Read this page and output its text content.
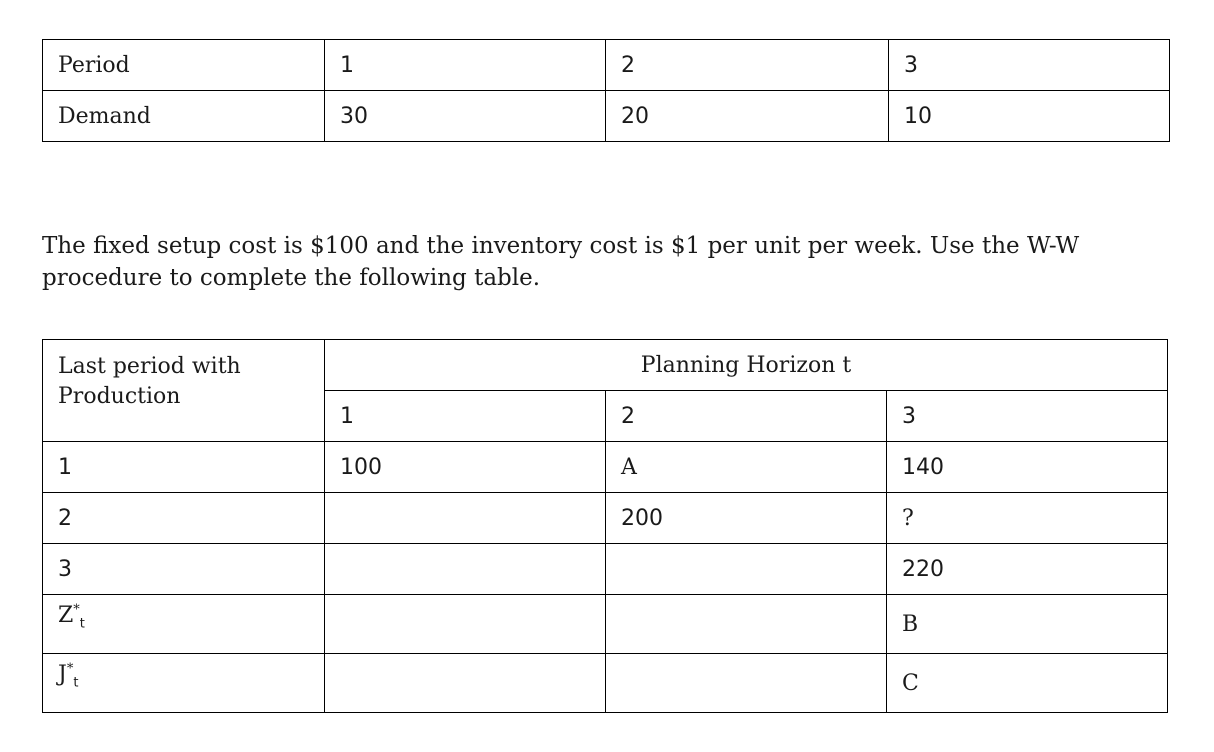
Period	1	2	3
Demand	30	20	10

The fixed setup cost is $100 and the inventory cost is $1 per unit per week. Use the W-W procedure to complete the following table.

Last period with Production	Planning Horizon t		
	1	2	3
1	100	A	140
2		200	?
3			220
$Z^*_t$			B
$J^*_t$			C
